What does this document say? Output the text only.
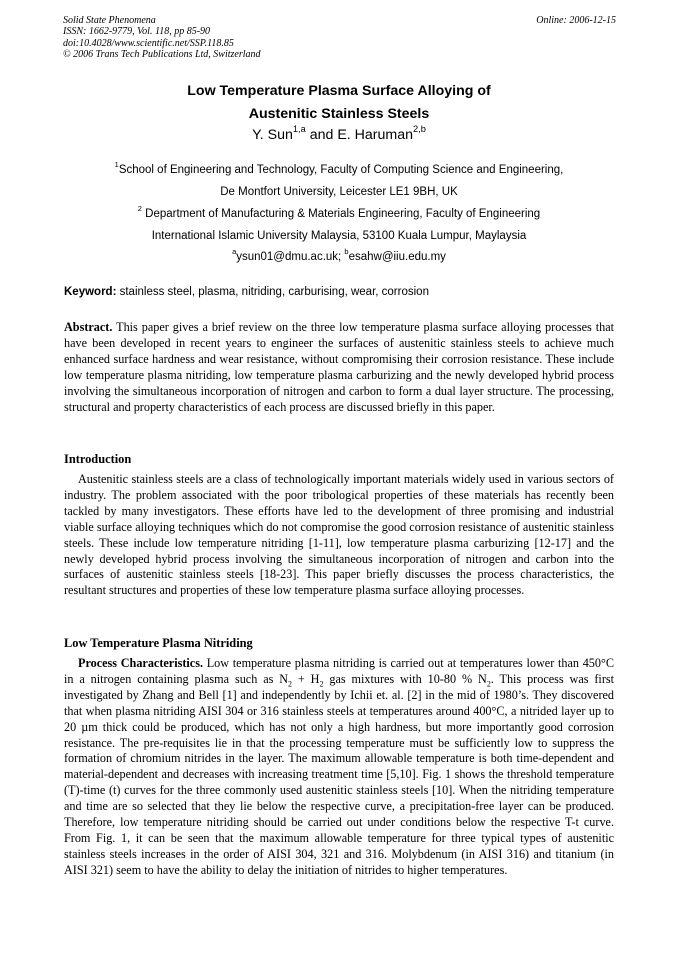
Solid State Phenomena
ISSN: 1662-9779, Vol. 118, pp 85-90
doi:10.4028/www.scientific.net/SSP.118.85
© 2006 Trans Tech Publications Ltd, Switzerland
Online: 2006-12-15
Low Temperature Plasma Surface Alloying of
Austenitic Stainless Steels
Y. Sun$^{1,a}$ and E. Haruman$^{2,b}$
$^1$School of Engineering and Technology, Faculty of Computing Science and Engineering,
De Montfort University, Leicester LE1 9BH, UK
$^2$ Department of Manufacturing & Materials Engineering, Faculty of Engineering
International Islamic University Malaysia, 53100 Kuala Lumpur, Maylaysia
$^a$ysun01@dmu.ac.uk; $^b$esahw@iiu.edu.my
Keyword: stainless steel, plasma, nitriding, carburising, wear, corrosion

Abstract. This paper gives a brief review on the three low temperature plasma surface alloying processes that have been developed in recent years to engineer the surfaces of austenitic stainless steels to achieve much enhanced surface hardness and wear resistance, without compromising their corrosion resistance. These include low temperature plasma nitriding, low temperature plasma carburizing and the newly developed hybrid process involving the simultaneous incorporation of nitrogen and carbon to form a dual layer structure. The processing, structural and property characteristics of each process are discussed briefly in this paper.

Introduction

Austenitic stainless steels are a class of technologically important materials widely used in various sectors of industry. The problem associated with the poor tribological properties of these materials has recently been tackled by many investigators. These efforts have led to the development of three promising and industrial viable surface alloying techniques which do not compromise the good corrosion resistance of austenitic stainless steels. These include low temperature nitriding [1-11], low temperature plasma carburizing [12-17] and the newly developed hybrid process involving the simultaneous incorporation of nitrogen and carbon into the surfaces of austenitic stainless steels [18-23]. This paper briefly discusses the process characteristics, the resultant structures and properties of these low temperature plasma surface alloying processes.

Low Temperature Plasma Nitriding

Process Characteristics. Low temperature plasma nitriding is carried out at temperatures lower than 450°C in a nitrogen containing plasma such as $N_2 + H_2$ gas mixtures with 10-80 % $N_2$. This process was first investigated by Zhang and Bell [1] and independently by Ichii et. al. [2] in the mid of 1980’s. They discovered that when plasma nitriding AISI 304 or 316 stainless steels at temperatures around 400°C, a nitrided layer up to 20 µm thick could be produced, which has not only a high hardness, but more importantly good corrosion resistance. The pre-requisites lie in that the processing temperature must be sufficiently low to suppress the formation of chromium nitrides in the layer. The maximum allowable temperature is both time-dependent and material-dependent and decreases with increasing treatment time [5,10]. Fig. 1 shows the threshold temperature (T)-time (t) curves for the three commonly used austenitic stainless steels [10]. When the nitriding temperature and time are so selected that they lie below the respective curve, a precipitation-free layer can be produced. Therefore, low temperature nitriding should be carried out under conditions below the respective T-t curve. From Fig. 1, it can be seen that the maximum allowable temperature for three typical types of austenitic stainless steels increases in the order of AISI 304, 321 and 316. Molybdenum (in AISI 316) and titanium (in AISI 321) seem to have the ability to delay the initiation of nitrides to higher temperatures.
